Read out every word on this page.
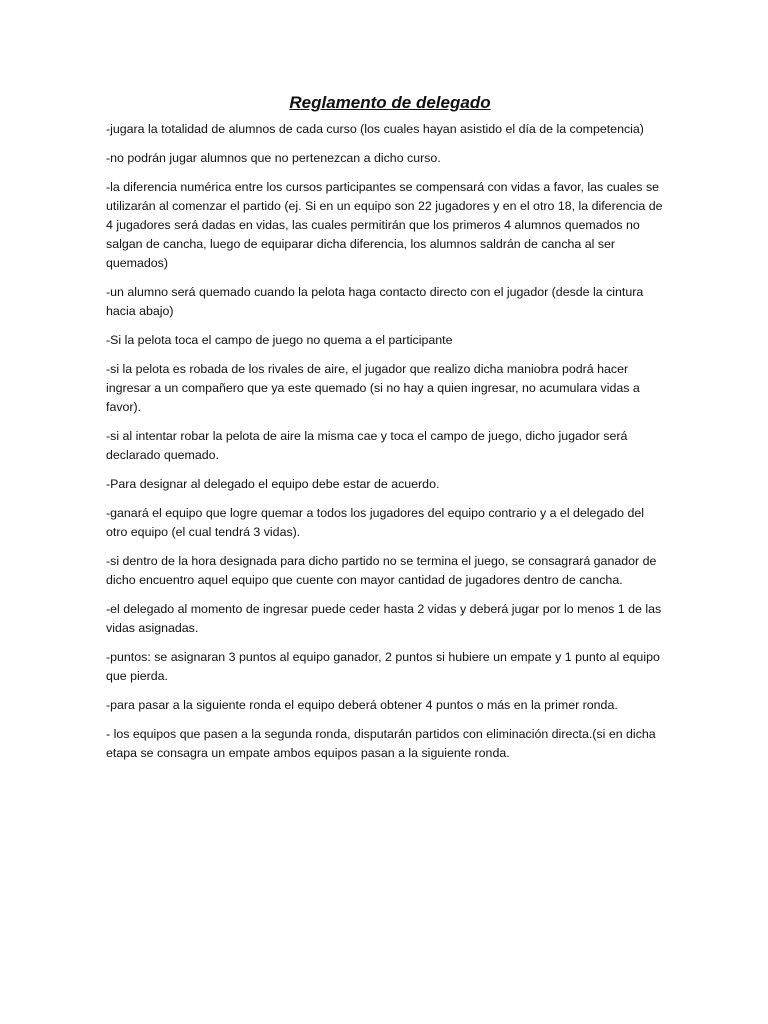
Reglamento de delegado
-jugara la totalidad de alumnos de cada curso (los cuales hayan asistido el día de la competencia)
-no podrán jugar alumnos que no pertenezcan a dicho curso.
-la diferencia numérica entre los cursos participantes se compensará con vidas a favor, las cuales se utilizarán al comenzar el partido (ej. Si en un equipo son 22 jugadores y en el otro 18, la diferencia de 4 jugadores será dadas en vidas, las cuales permitirán que los primeros 4 alumnos quemados no salgan de cancha, luego de equiparar dicha diferencia, los alumnos saldrán de cancha al ser quemados)
-un alumno será quemado cuando la pelota haga contacto directo con el jugador (desde la cintura hacia abajo)
-Si la pelota toca el campo de juego no quema a el participante
-si la pelota es robada de los rivales de aire, el jugador que realizo dicha maniobra podrá hacer ingresar a un compañero que ya este quemado (si no hay a quien ingresar, no acumulara vidas a favor).
-si al intentar robar la pelota de aire la misma cae y toca el campo de juego, dicho jugador será declarado quemado.
-Para designar al delegado el equipo debe estar de acuerdo.
-ganará el equipo que logre quemar a todos los jugadores del equipo contrario y a el delegado del otro equipo (el cual tendrá 3 vidas).
-si dentro de la hora designada para dicho partido no se termina el juego, se consagrará ganador de dicho encuentro aquel equipo que cuente con mayor cantidad de jugadores dentro de cancha.
-el delegado al momento de ingresar puede ceder hasta 2 vidas y deberá jugar por lo menos 1 de las vidas asignadas.
-puntos: se asignaran 3 puntos al equipo ganador, 2 puntos si hubiere un empate y 1 punto al equipo que pierda.
-para pasar a la siguiente ronda el equipo deberá obtener 4 puntos o más en la primer ronda.
- los equipos que pasen a la segunda ronda, disputarán partidos con eliminación directa.(si en dicha etapa se consagra un empate ambos equipos pasan a la siguiente ronda.
